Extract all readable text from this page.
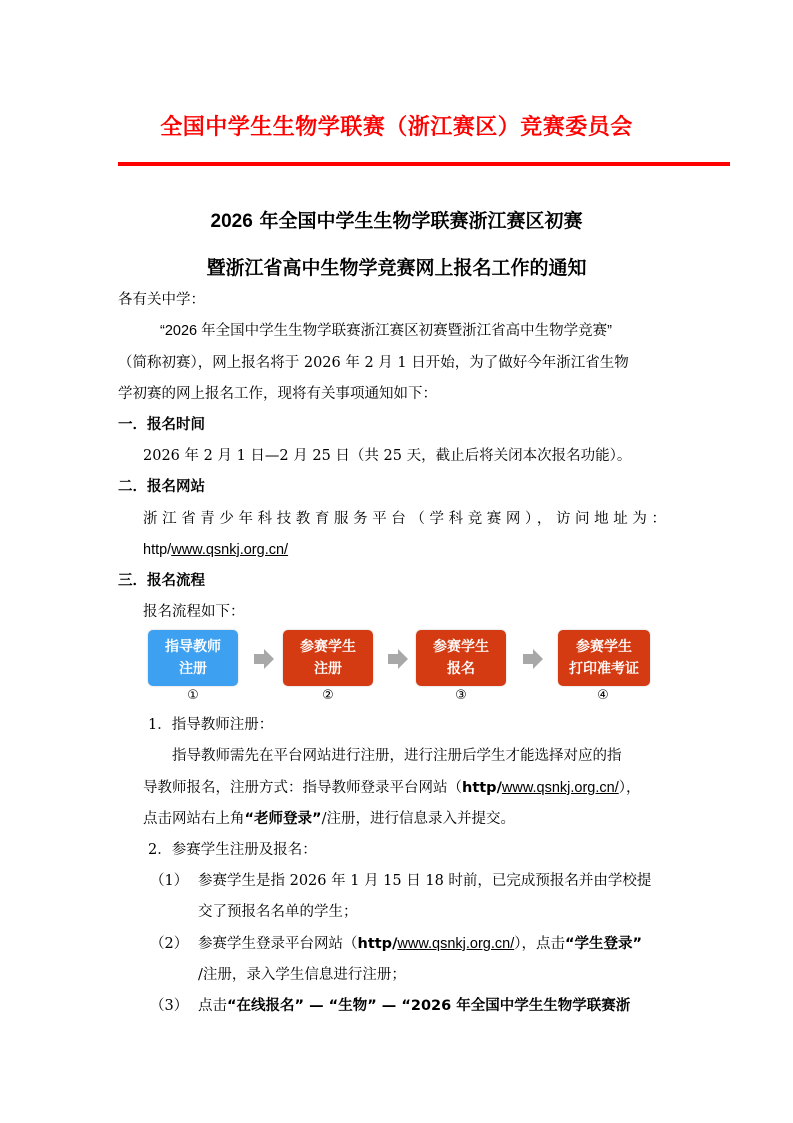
全国中学生生物学联赛（浙江赛区）竞赛委员会
2026 年全国中学生生物学联赛浙江赛区初赛
暨浙江省高中生物学竞赛网上报名工作的通知
各有关中学：
“2026 年全国中学生生物学联赛浙江赛区初赛暨浙江省高中生物学竞赛”
（简称初赛），网上报名将于 2026 年 2 月 1 日开始，为了做好今年浙江省生物
学初赛的网上报名工作，现将有关事项通知如下：
一．报名时间
2026 年 2 月 1 日—2 月 25 日（共 25 天，截止后将关闭本次报名功能）。
二．报名网站
浙江省青少年科技教育服务平台（学科竞赛网），访问地址为：
http/www.qsnkj.org.cn/
三．报名流程
报名流程如下：
指导教师
注册
①
参赛学生
注册
②
参赛学生
报名
③
参赛学生
打印准考证
④
1．指导教师注册：
指导教师需先在平台网站进行注册，进行注册后学生才能选择对应的指
导教师报名，注册方式：指导教师登录平台网站（http/www.qsnkj.org.cn/），
点击网站右上角“老师登录”/注册，进行信息录入并提交。
2．参赛学生注册及报名：
（1） 参赛学生是指 2026 年 1 月 15 日 18 时前，已完成预报名并由学校提
交了预报名名单的学生；
（2） 参赛学生登录平台网站（http/www.qsnkj.org.cn/），点击“学生登录”
/注册，录入学生信息进行注册；
（3） 点击“在线报名” — “生物” — “2026 年全国中学生生物学联赛浙
